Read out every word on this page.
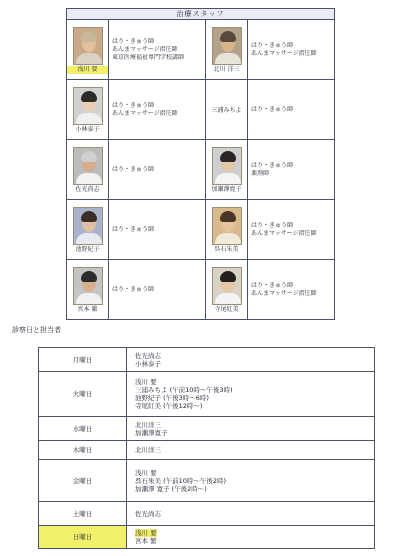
治療スタッフ			

浅川 要	はり・きゅう師
あんまマッサージ指圧師
東京医療福祉専門学校講師	北川 洋三	はり・きゅう師
あんまマッサージ指圧師

小林泰子	はり・きゅう師
あんまマッサージ指圧師	三浦みちよ	はり・きゅう師

佐光尚志	はり・きゅう師	加瀬澤寛子	はり・きゅう師
薬剤師

池野紀子	はり・きゅう師	呉石朱美	はり・きゅう師
あんまマッサージ指圧師

宮本 繁	はり・きゅう師	寺尾紅美	はり・きゅう師
あんまマッサージ指圧師
診察日と担当者
月曜日	佐光尚志
小林泰子

火曜日	浅川 要
三浦みちよ (午前10時〜午後3時)
池野紀子 (午後3時〜6時)
寺尾紅美 (午後12時〜)

水曜日	北川洋三
加瀬澤寛子

木曜日	北川洋三

金曜日	浅川 要
呉石朱美 (午前10時〜午後2時)
加瀬澤 寛子 (午後2時〜)

土曜日	佐光尚志

日曜日	浅川 要
宮本 繁
